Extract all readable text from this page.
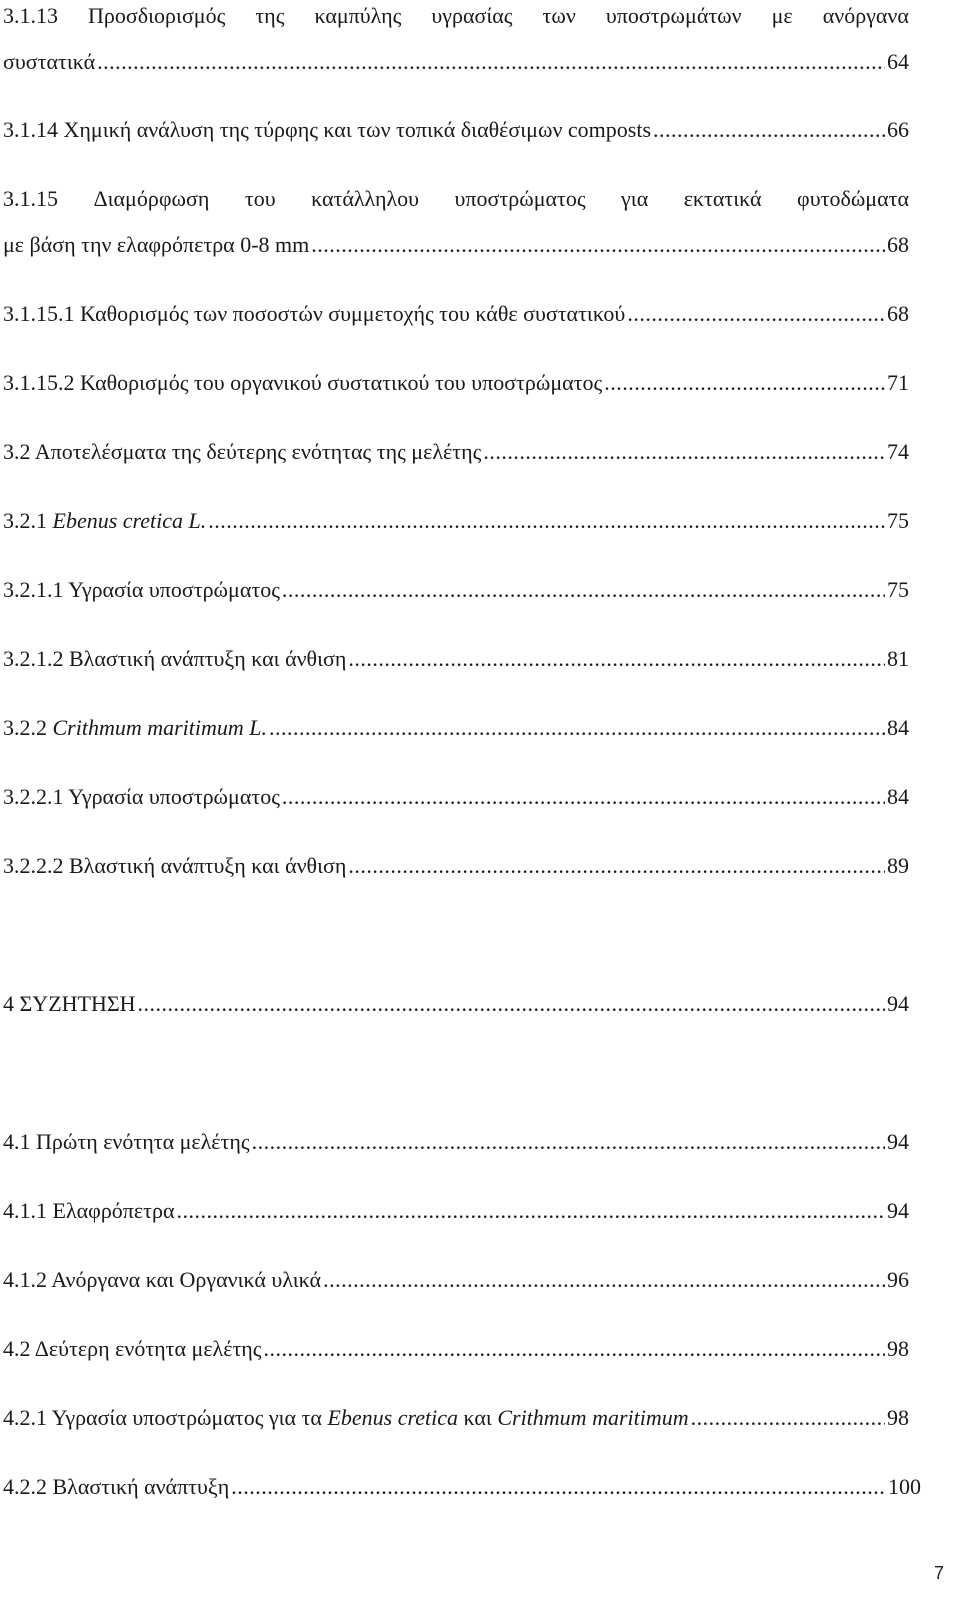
3.1.13 Προσδιορισμός της καμπύλης υγρασίας των υποστρωμάτων με ανόργανα
συστατικά .....	64
3.1.14 Χημική ανάλυση της τύρφης και των τοπικά διαθέσιμων composts .....	66
3.1.15 Διαμόρφωση του κατάλληλου υποστρώματος για εκτατικά φυτοδώματα
με βάση την ελαφρόπετρα 0-8 mm .....	68
3.1.15.1 Καθορισμός των ποσοστών συμμετοχής του κάθε συστατικού .....	68
3.1.15.2 Καθορισμός του οργανικού συστατικού του υποστρώματος .....	71
3.2 Αποτελέσματα της δεύτερης ενότητας της μελέτης .....	74
3.2.1 Ebenus cretica L. .....	75
3.2.1.1 Υγρασία υποστρώματος .....	75
3.2.1.2 Βλαστική ανάπτυξη και άνθιση .....	81
3.2.2 Crithmum maritimum L. .....	84
3.2.2.1 Υγρασία υποστρώματος .....	84
3.2.2.2 Βλαστική ανάπτυξη και άνθιση .....	89
4 ΣΥΖΗΤΗΣΗ .....	94
4.1 Πρώτη ενότητα μελέτης .....	94
4.1.1 Ελαφρόπετρα .....	94
4.1.2 Ανόργανα και Οργανικά υλικά .....	96
4.2 Δεύτερη ενότητα μελέτης .....	98
4.2.1 Υγρασία υποστρώματος για τα Ebenus cretica και Crithmum maritimum .....	98
4.2.2 Βλαστική ανάπτυξη .....	100
7
